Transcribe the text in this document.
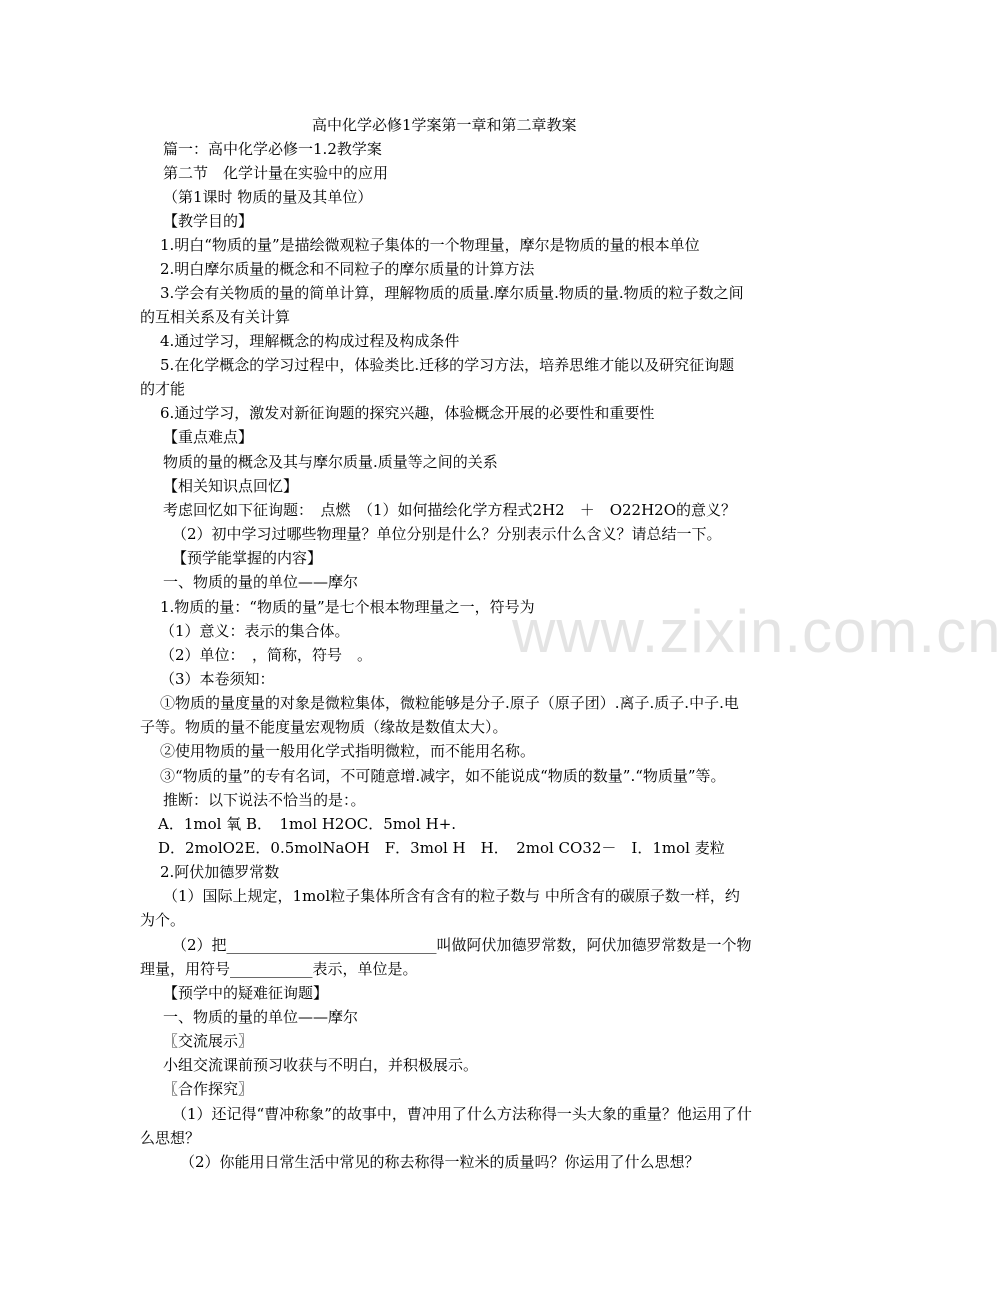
高中化学必修1学案第一章和第二章教案
篇一：高中化学必修一1.2教学案
第二节　化学计量在实验中的应用
（第1课时 物质的量及其单位）
【教学目的】
1.明白“物质的量”是描绘微观粒子集体的一个物理量，摩尔是物质的量的根本单位
2.明白摩尔质量的概念和不同粒子的摩尔质量的计算方法
3.学会有关物质的量的简单计算，理解物质的质量.摩尔质量.物质的量.物质的粒子数之间
的互相关系及有关计算
4.通过学习，理解概念的构成过程及构成条件
5.在化学概念的学习过程中，体验类比.迁移的学习方法，培养思维才能以及研究征询题
的才能
6.通过学习，激发对新征询题的探究兴趣，体验概念开展的必要性和重要性
【重点难点】
物质的量的概念及其与摩尔质量.质量等之间的关系
【相关知识点回忆】
考虑回忆如下征询题：　点燃　（1）如何描绘化学方程式2H2　＋　O22H2O的意义？
（2）初中学习过哪些物理量？单位分别是什么？分别表示什么含义？请总结一下。
【预学能掌握的内容】
一、物质的量的单位——摩尔
1.物质的量：“物质的量”是七个根本物理量之一，符号为
（1）意义：表示的集合体。
（2）单位：　，简称，符号　。
（3）本卷须知：
①物质的量度量的对象是微粒集体，微粒能够是分子.原子（原子团）.离子.质子.中子.电
子等。物质的量不能度量宏观物质（缘故是数值太大）。
②使用物质的量一般用化学式指明微粒，而不能用名称。
③“物质的量”的专有名词，不可随意增.减字，如不能说成“物质的数量”.“物质量”等。
推断：以下说法不恰当的是：。
A．1mol 氧 B．　1mol H2OC．5mol H+.
D．2molO2E．0.5molNaOH　F．3mol H　H．　2mol CO32－　I．1mol 麦粒
2.阿伏加德罗常数
（1）国际上规定，1mol粒子集体所含有含有的粒子数与 中所含有的碳原子数一样，约
为个。
（2）把____________________________叫做阿伏加德罗常数，阿伏加德罗常数是一个物
理量，用符号___________表示，单位是。
【预学中的疑难征询题】
一、物质的量的单位——摩尔
〖交流展示〗
小组交流课前预习收获与不明白，并积极展示。
〖合作探究〗
（1）还记得“曹冲称象”的故事中，曹冲用了什么方法称得一头大象的重量？他运用了什
么思想？
（2）你能用日常生活中常见的称去称得一粒米的质量吗？你运用了什么思想？
www.zixin.com.cn
